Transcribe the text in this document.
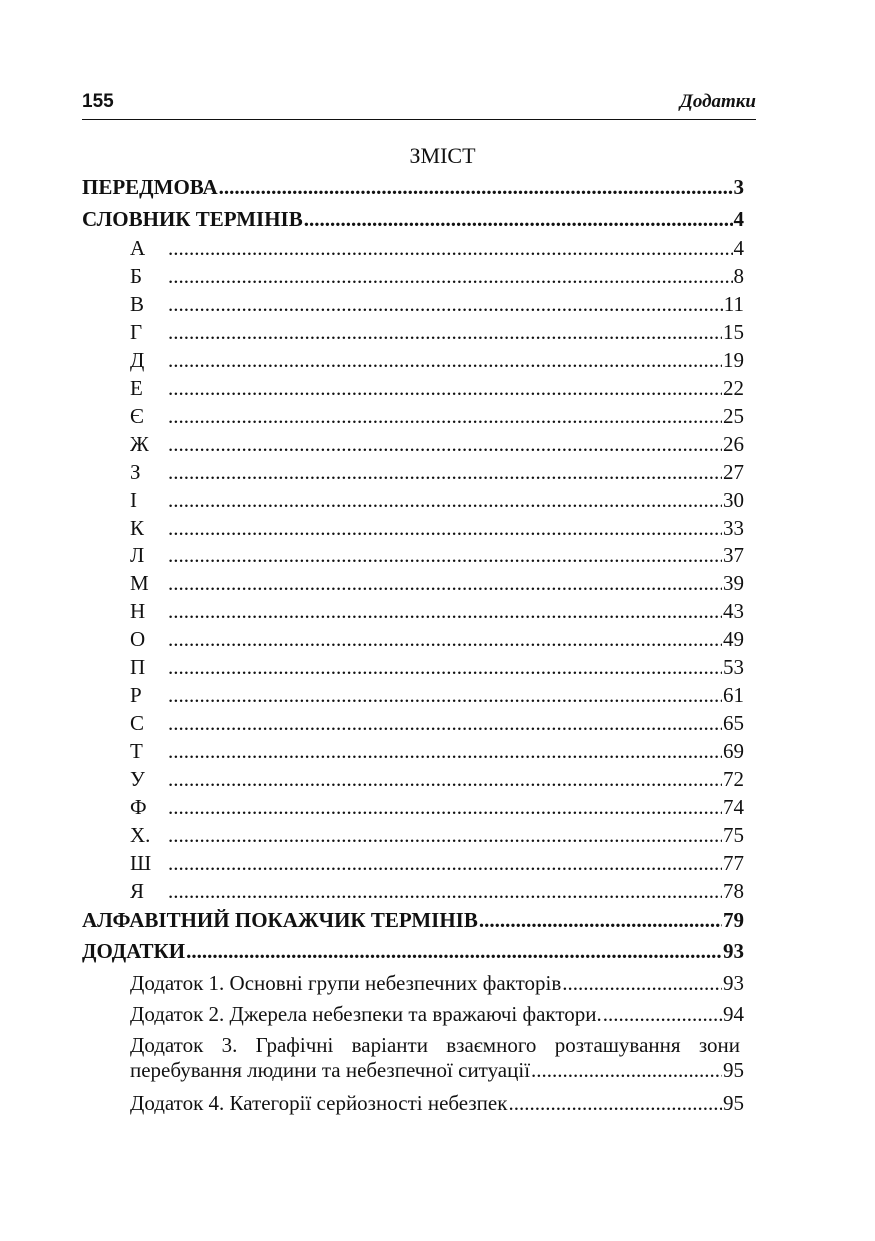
155	Додатки
ЗМІСТ
ПЕРЕДМОВА .....	3
СЛОВНИК ТЕРМІНІВ .....	4
А .....	4
Б .....	8
В .....	11
Г .....	15
Д .....	19
Е .....	22
Є .....	25
Ж .....	26
З .....	27
І .....	30
К .....	33
Л .....	37
М .....	39
Н .....	43
О .....	49
П .....	53
Р .....	61
С .....	65
Т .....	69
У .....	72
Ф .....	74
Х. .....	75
Ш .....	77
Я .....	78
АЛФАВІТНИЙ ПОКАЖЧИК ТЕРМІНІВ .....	79
ДОДАТКИ .....	93
Додаток 1. Основні групи небезпечних факторів .....	93
Додаток 2. Джерела небезпеки та вражаючі фактори. .....	94
Додаток 3. Графічні варіанти взаємного розташування зони
перебування людини та небезпечної ситуації .....	95
Додаток 4. Категорії серйозності небезпек .....	95
